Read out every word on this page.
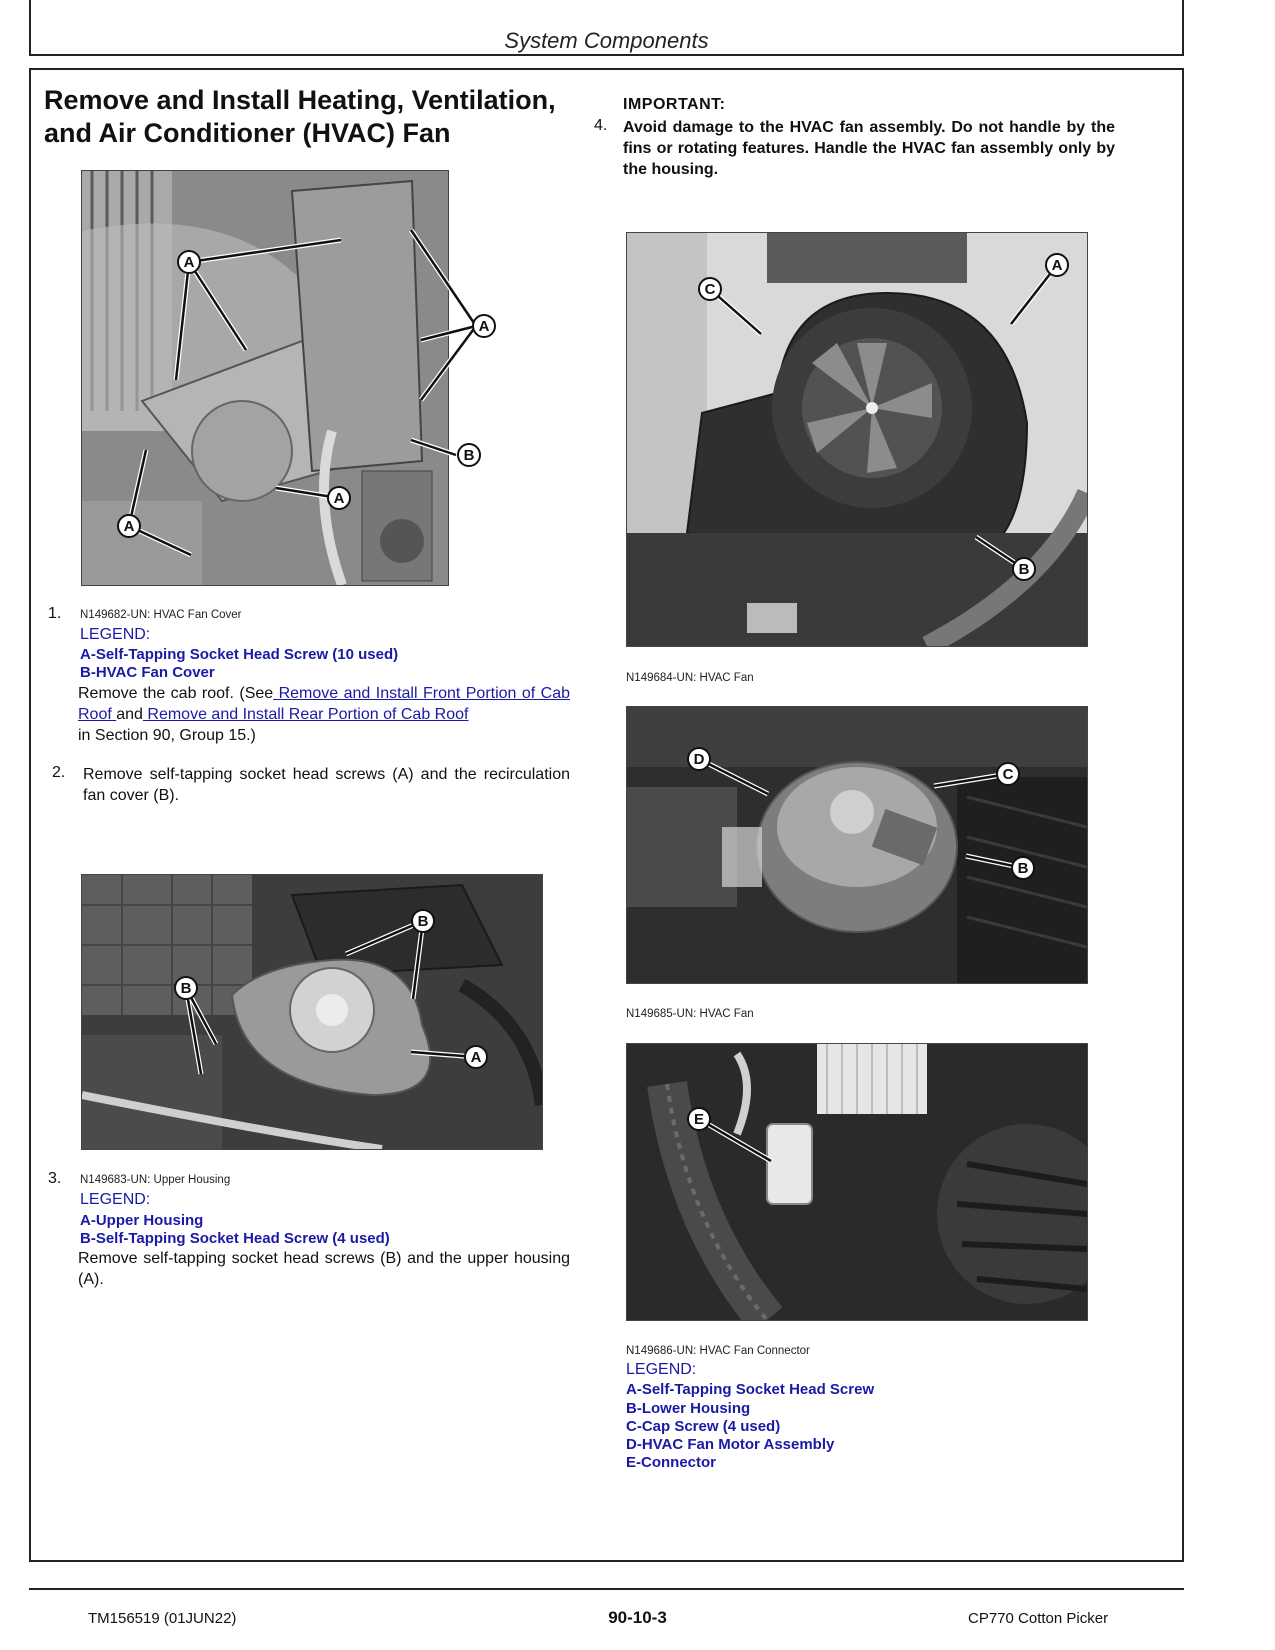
System Components
Remove and Install Heating, Ventilation, and Air Conditioner (HVAC) Fan
A
A
B
A
A
1. N149682-UN: HVAC Fan Cover
LEGEND:
A-Self-Tapping Socket Head Screw (10 used)
B-HVAC Fan Cover
Remove the cab roof. (See Remove and Install Front Portion of Cab Roof and Remove and Install Rear Portion of Cab Roof
in Section 90, Group 15.)
2. Remove self-tapping socket head screws (A) and the recirculation fan cover (B).
B
B
A
3. N149683-UN: Upper Housing
LEGEND:
A-Upper Housing
B-Self-Tapping Socket Head Screw (4 used)
Remove self-tapping socket head screws (B) and the upper housing (A).
IMPORTANT:
4. Avoid damage to the HVAC fan assembly. Do not handle by the fins or rotating features. Handle the HVAC fan assembly only by the housing.
A
C
B
N149684-UN: HVAC Fan
D
C
B
N149685-UN: HVAC Fan
E
N149686-UN: HVAC Fan Connector
LEGEND:
A-Self-Tapping Socket Head Screw
B-Lower Housing
C-Cap Screw (4 used)
D-HVAC Fan Motor Assembly
E-Connector
TM156519 (01JUN22)	90-10-3	CP770 Cotton Picker
